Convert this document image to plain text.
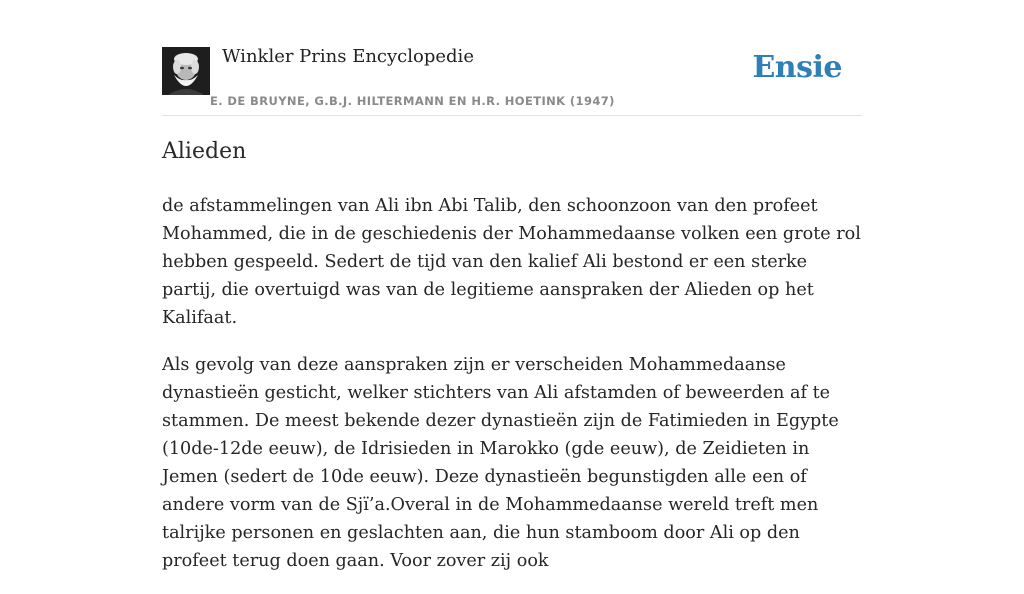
Winkler Prins Encyclopedie
E. DE BRUYNE, G.B.J. HILTERMANN EN H.R. HOETINK (1947)
Ensie
Alieden

de afstammelingen van Ali ibn Abi Talib, den schoonzoon van den profeet Mohammed, die in de geschiedenis der Mohammedaanse volken een grote rol hebben gespeeld. Sedert de tijd van den kalief Ali bestond er een sterke partij, die overtuigd was van de legitieme aanspraken der Alieden op het Kalifaat.

Als gevolg van deze aanspraken zijn er verscheiden Mohammedaanse dynastieën gesticht, welker stichters van Ali afstamden of beweerden af te stammen. De meest bekende dezer dynastieën zijn de Fatimieden in Egypte (10de-12de eeuw), de Idrisieden in Marokko (gde eeuw), de Zeidieten in Jemen (sedert de 10de eeuw). Deze dynastieën begunstigden alle een of andere vorm van de Sjï’a.Overal in de Mohammedaanse wereld treft men talrijke personen en geslachten aan, die hun stamboom door Ali op den profeet terug doen gaan. Voor zover zij ook
